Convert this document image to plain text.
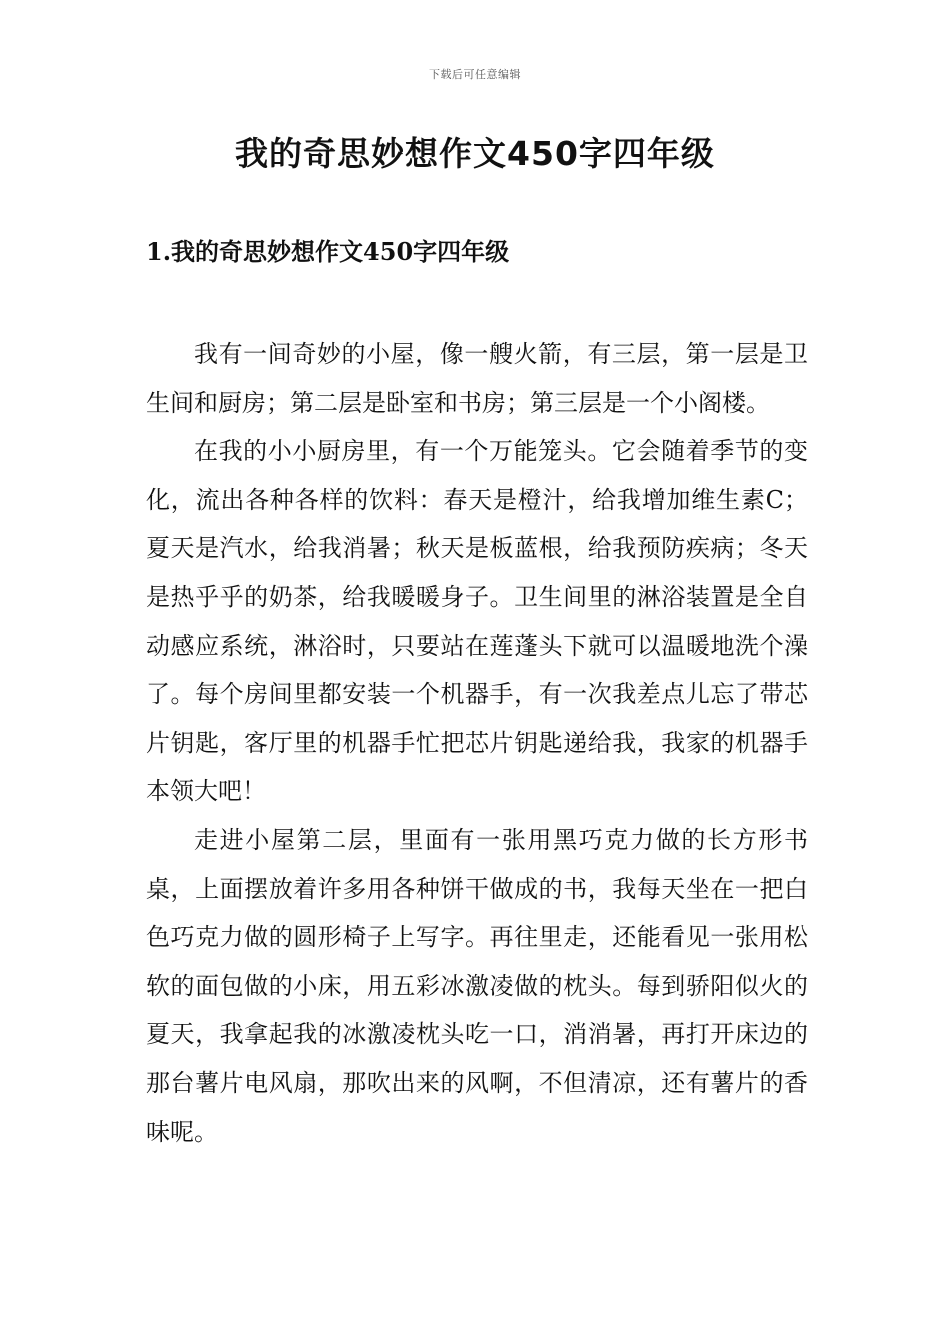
下载后可任意编辑
我的奇思妙想作文450字四年级
1.我的奇思妙想作文450字四年级

我有一间奇妙的小屋，像一艘火箭，有三层，第一层是卫生间和厨房；第二层是卧室和书房；第三层是一个小阁楼。

在我的小小厨房里，有一个万能笼头。它会随着季节的变化，流出各种各样的饮料：春天是橙汁，给我增加维生素C；夏天是汽水，给我消暑；秋天是板蓝根，给我预防疾病；冬天是热乎乎的奶茶，给我暖暖身子。卫生间里的淋浴装置是全自动感应系统，淋浴时，只要站在莲蓬头下就可以温暖地洗个澡了。每个房间里都安装一个机器手，有一次我差点儿忘了带芯片钥匙，客厅里的机器手忙把芯片钥匙递给我，我家的机器手本领大吧！

走进小屋第二层，里面有一张用黑巧克力做的长方形书桌，上面摆放着许多用各种饼干做成的书，我每天坐在一把白色巧克力做的圆形椅子上写字。再往里走，还能看见一张用松软的面包做的小床，用五彩冰激凌做的枕头。每到骄阳似火的夏天，我拿起我的冰激凌枕头吃一口，消消暑，再打开床边的那台薯片电风扇，那吹出来的风啊，不但清凉，还有薯片的香味呢。
